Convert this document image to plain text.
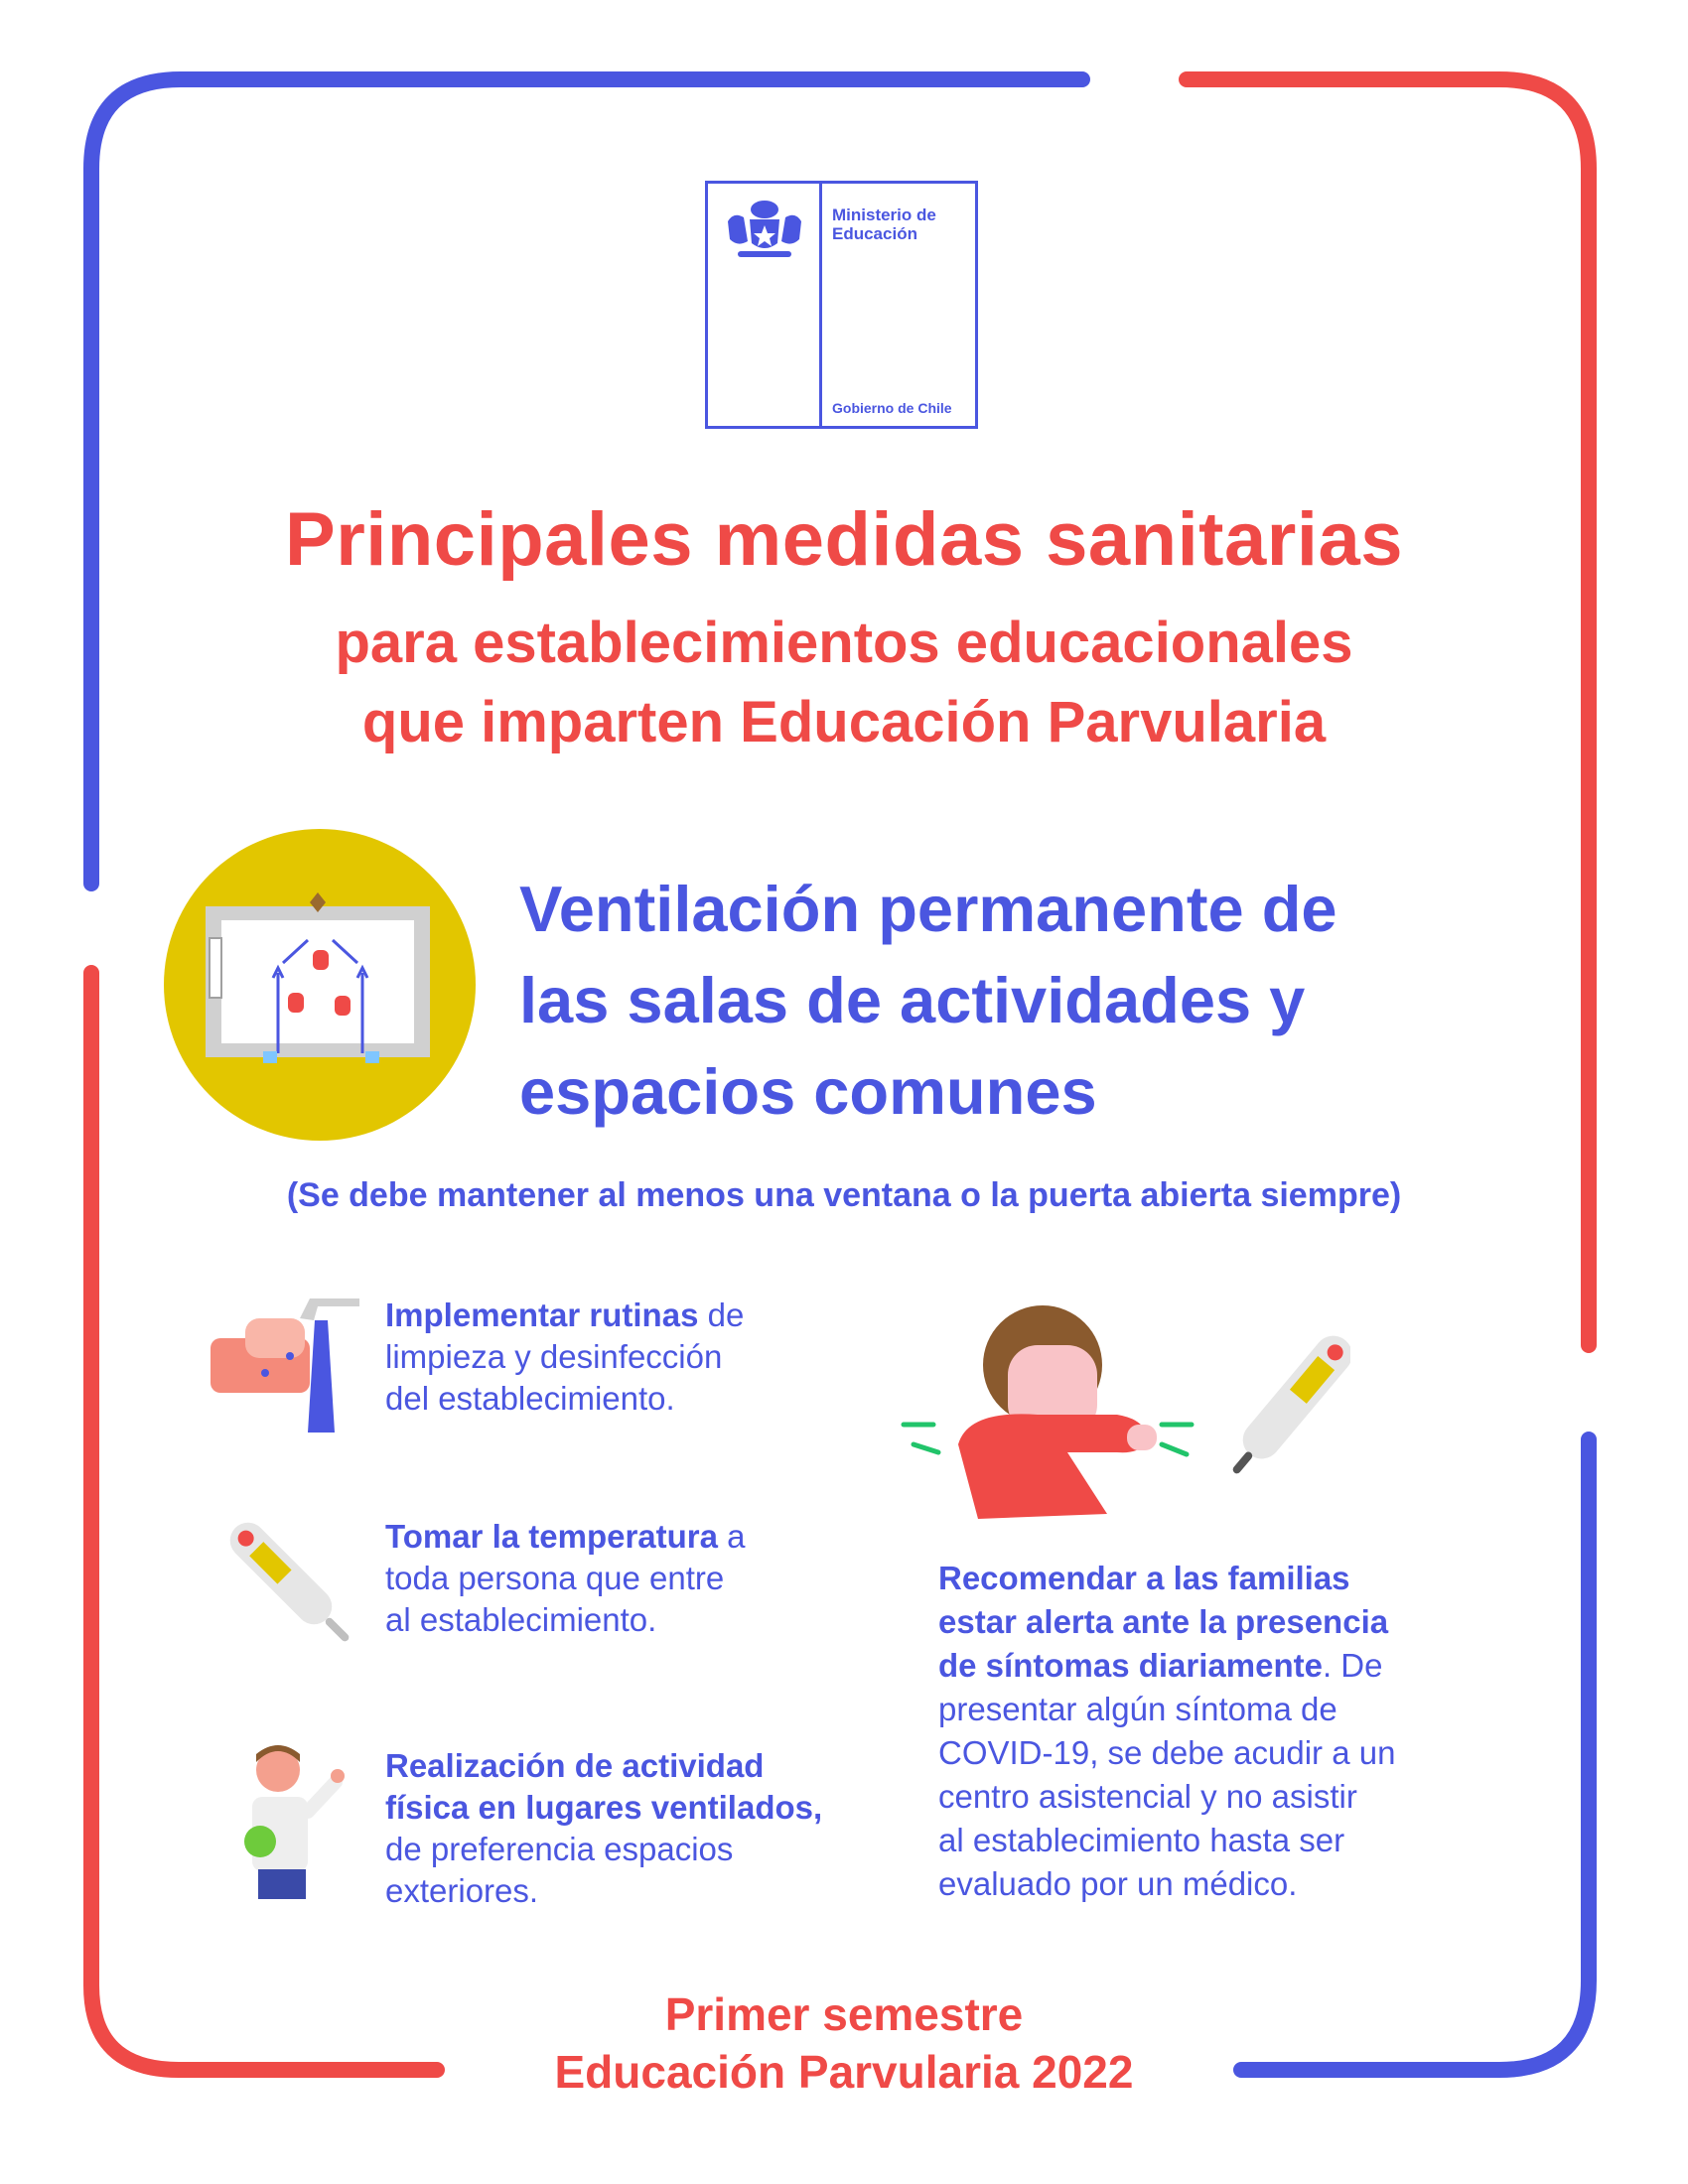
Ministerio de
Educación
Gobierno de Chile
Principales medidas sanitarias
para establecimientos educacionales
que imparten Educación Parvularia
Ventilación permanente de
las salas de actividades y
espacios comunes
(Se debe mantener al menos una ventana o la puerta abierta siempre)
Implementar rutinas de
limpieza y desinfección
del establecimiento.
Tomar la temperatura a
toda persona que entre
al establecimiento.
Realización de actividad
física en lugares ventilados,
de preferencia espacios
exteriores.
Recomendar a las familias
estar alerta ante la presencia
de síntomas diariamente. De
presentar algún síntoma de
COVID-19, se debe acudir a un
centro asistencial y no asistir
al establecimiento hasta ser
evaluado por un médico.
Primer semestre
Educación Parvularia 2022
